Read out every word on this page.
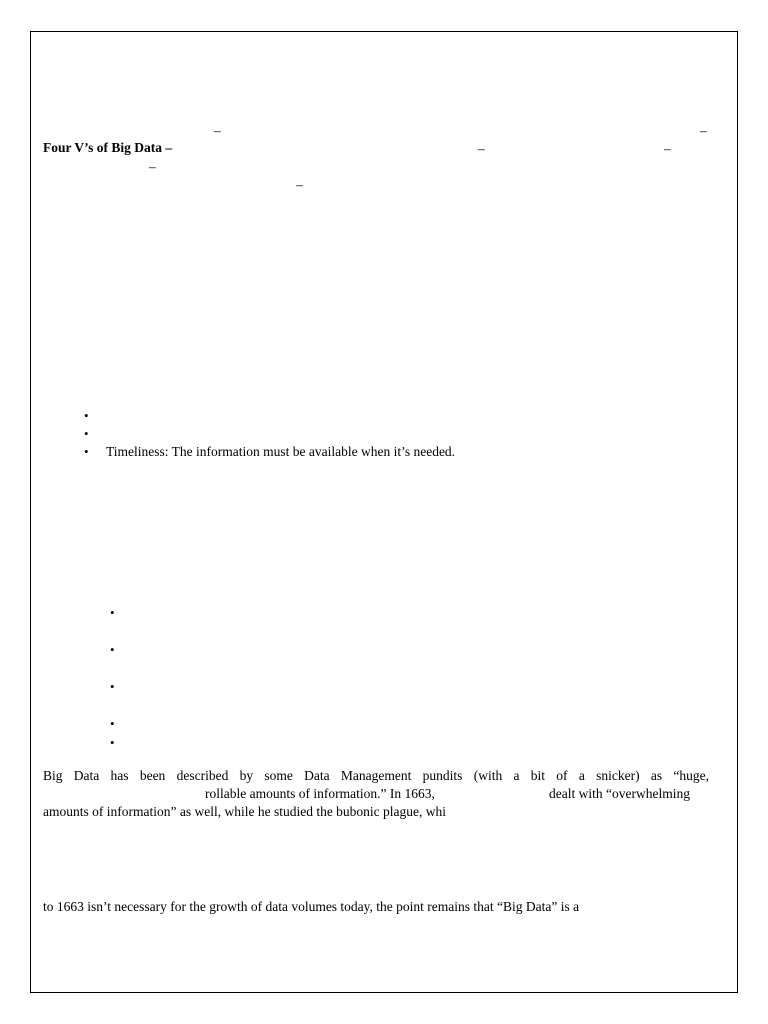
–	–
Four V’s of Big Data –	–	–
–
–
•
•
• Timeliness: The information must be available when it’s needed.
•
•
•
•
•
Big Data has been described by some Data Management pundits (with a bit of a snicker) as “huge,
rollable amounts of information.” In 1663,	dealt with “overwhelming
amounts of information” as well, while he studied the bubonic plague, whi
to 1663 isn’t necessary for the growth of data volumes today, the point remains that “Big Data” is a
